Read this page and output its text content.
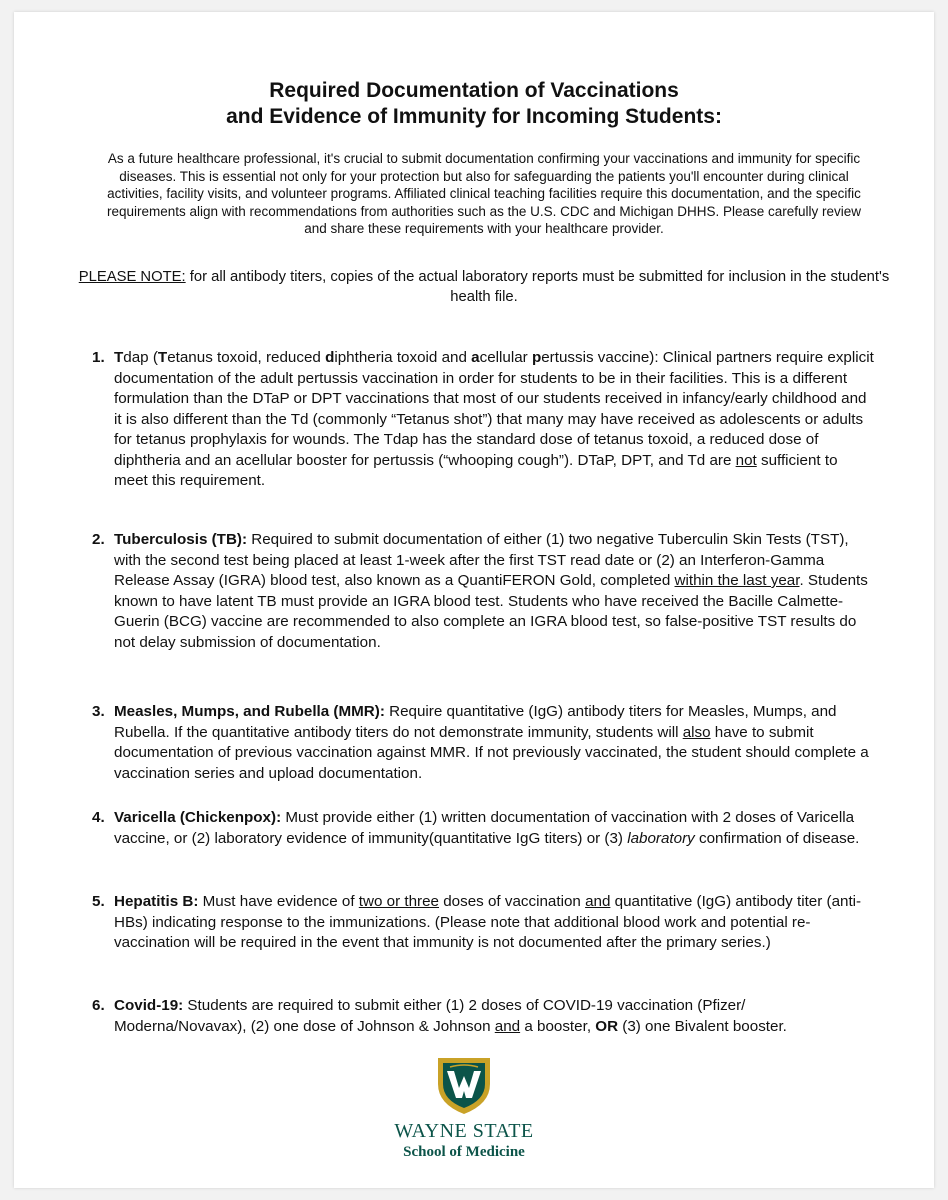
Required Documentation of Vaccinations
and Evidence of Immunity for Incoming Students:
As a future healthcare professional, it's crucial to submit documentation confirming your vaccinations and immunity for specific diseases. This is essential not only for your protection but also for safeguarding the patients you'll encounter during clinical activities, facility visits, and volunteer programs. Affiliated clinical teaching facilities require this documentation, and the specific requirements align with recommendations from authorities such as the U.S. CDC and Michigan DHHS. Please carefully review and share these requirements with your healthcare provider.
PLEASE NOTE: for all antibody titers, copies of the actual laboratory reports must be submitted for inclusion in the student's health file.
1. Tdap (Tetanus toxoid, reduced diphtheria toxoid and acellular pertussis vaccine): Clinical partners require explicit documentation of the adult pertussis vaccination in order for students to be in their facilities. This is a different formulation than the DTaP or DPT vaccinations that most of our students received in infancy/early childhood and it is also different than the Td (commonly “Tetanus shot”) that many may have received as adolescents or adults for tetanus prophylaxis for wounds. The Tdap has the standard dose of tetanus toxoid, a reduced dose of diphtheria and an acellular booster for pertussis (“whooping cough”). DTaP, DPT, and Td are not sufficient to meet this requirement.
2. Tuberculosis (TB): Required to submit documentation of either (1) two negative Tuberculin Skin Tests (TST), with the second test being placed at least 1-week after the first TST read date or (2) an Interferon-Gamma Release Assay (IGRA) blood test, also known as a QuantiFERON Gold, completed within the last year. Students known to have latent TB must provide an IGRA blood test. Students who have received the Bacille Calmette-Guerin (BCG) vaccine are recommended to also complete an IGRA blood test, so false-positive TST results do not delay submission of documentation.
3. Measles, Mumps, and Rubella (MMR): Require quantitative (IgG) antibody titers for Measles, Mumps, and Rubella. If the quantitative antibody titers do not demonstrate immunity, students will also have to submit documentation of previous vaccination against MMR. If not previously vaccinated, the student should complete a vaccination series and upload documentation.
4. Varicella (Chickenpox): Must provide either (1) written documentation of vaccination with 2 doses of Varicella vaccine, or (2) laboratory evidence of immunity(quantitative IgG titers) or (3) laboratory confirmation of disease.
5. Hepatitis B: Must have evidence of two or three doses of vaccination and quantitative (IgG) antibody titer (anti-HBs) indicating response to the immunizations. (Please note that additional blood work and potential re-vaccination will be required in the event that immunity is not documented after the primary series.)
6. Covid-19: Students are required to submit either (1) 2 doses of COVID-19 vaccination (Pfizer/ Moderna/Novavax), (2) one dose of Johnson & Johnson and a booster, OR (3) one Bivalent booster.
WAYNE STATE
School of Medicine
